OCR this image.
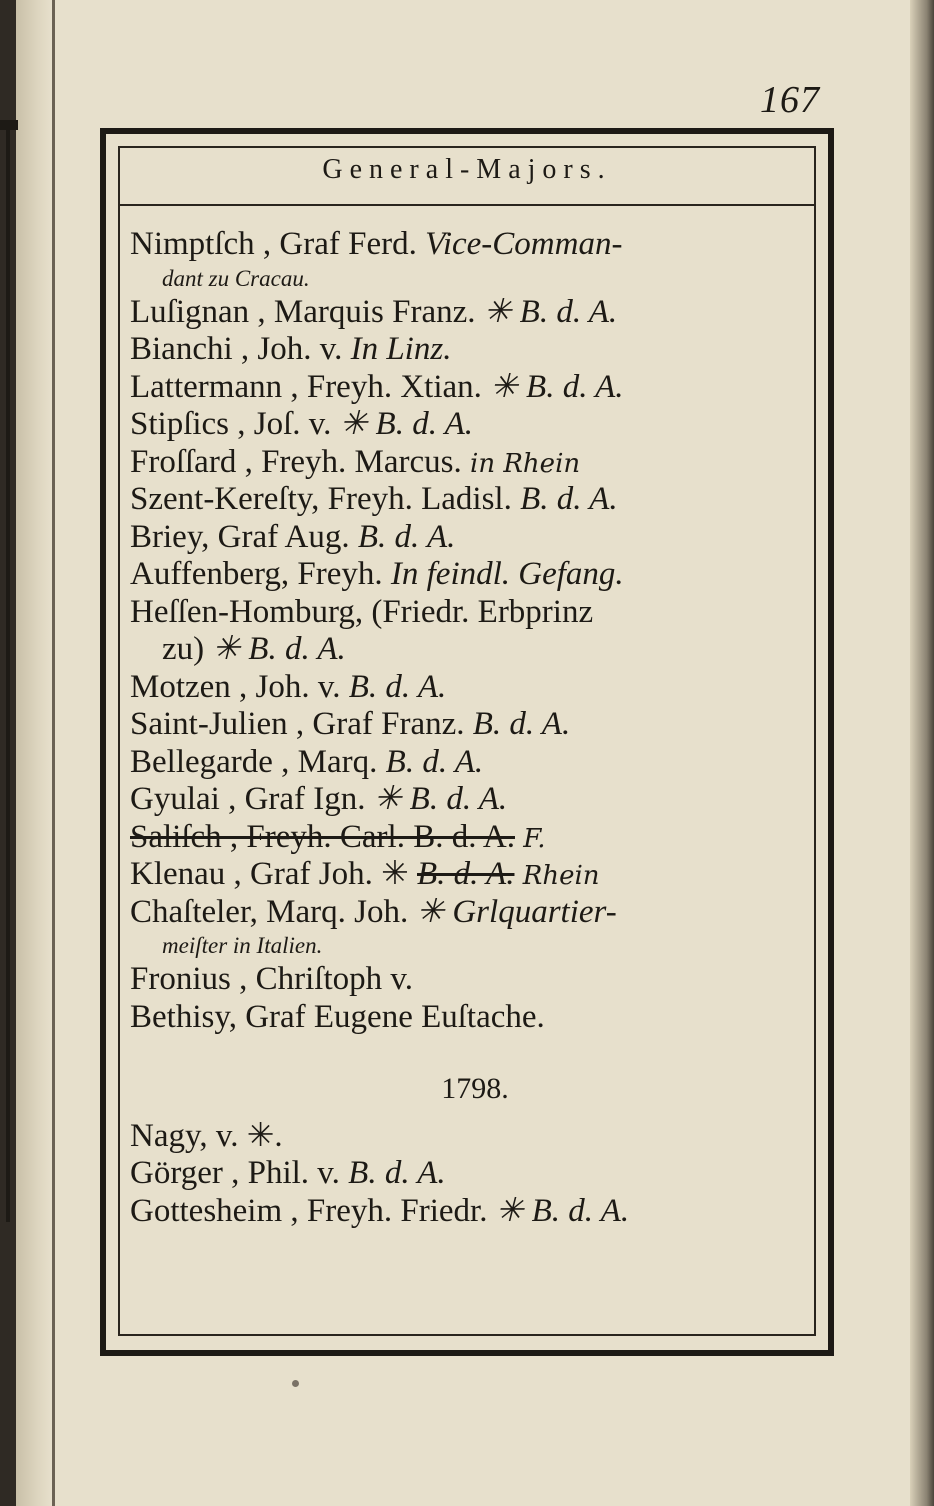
167
General-Majors.
Nimptſch , Graf Ferd. Vice-Comman-
dant zu Cracau.
Luſignan , Marquis Franz. ✳ B. d. A.
Bianchi , Joh. v. In Linz.
Lattermann , Freyh. Xtian. ✳ B. d. A.
Stipſics , Joſ. v. ✳ B. d. A.
Froſſard , Freyh. Marcus. in Rhein
Szent-Kereſty, Freyh. Ladisl. B. d. A.
Briey, Graf Aug. B. d. A.
Auffenberg, Freyh. In feindl. Gefang.
Heſſen-Homburg, (Friedr. Erbprinz
zu) ✳ B. d. A.
Motzen , Joh. v. B. d. A.
Saint-Julien , Graf Franz. B. d. A.
Bellegarde , Marq. B. d. A.
Gyulai , Graf Ign. ✳ B. d. A.
Saliſch , Freyh. Carl. B. d. A. F.
Klenau , Graf Joh. ✳ B. d. A. Rhein
Chaſteler, Marq. Joh. ✳ Grlquartier-
meiſter in Italien.
Fronius , Chriſtoph v.
Bethisy, Graf Eugene Euſtache.
1798.
Nagy, v. ✳.
Görger , Phil. v. B. d. A.
Gottesheim , Freyh. Friedr. ✳ B. d. A.
